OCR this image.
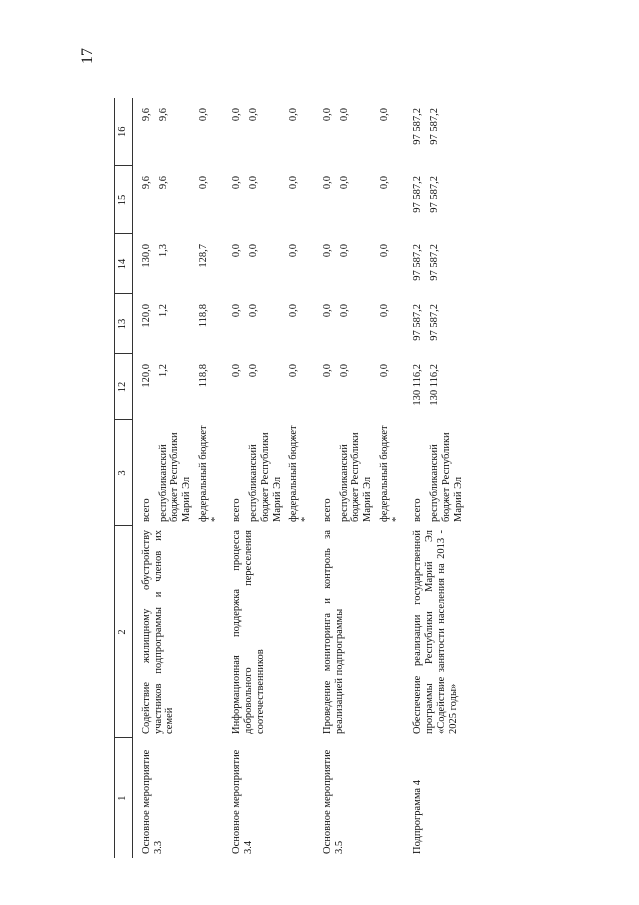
17
1	2	3	12	13	14	15	16
Основное мероприятие 3.3	Содействие жилищному обустройству участников подпрограммы и членов их семей	всего	120,0	120,0	130,0	9,6	9,6
		республиканский бюджет Республики Марий Эл	1,2	1,2	1,3	9,6	9,6
		федеральный бюджет *	118,8	118,8	128,7	0,0	0,0
Основное мероприятие 3.4	Информационная поддержка процесса добровольного переселения соотечественников	всего	0,0	0,0	0,0	0,0	0,0
		республиканский бюджет Республики Марий Эл	0,0	0,0	0,0	0,0	0,0
		федеральный бюджет *	0,0	0,0	0,0	0,0	0,0
Основное мероприятие 3.5	Проведение мониторинга и контроль за реализацией подпрограммы	всего	0,0	0,0	0,0	0,0	0,0
		республиканский бюджет Республики Марий Эл	0,0	0,0	0,0	0,0	0,0
		федеральный бюджет *	0,0	0,0	0,0	0,0	0,0
Подпрограмма 4	Обеспечение реализации государственной программы Республики Марий Эл «Содействие занятости населения на 2013 - 2025 годы»	всего	130 116,2	97 587,2	97 587,2	97 587,2	97 587,2
		республиканский бюджет Республики Марий Эл	130 116,2	97 587,2	97 587,2	97 587,2	97 587,2
